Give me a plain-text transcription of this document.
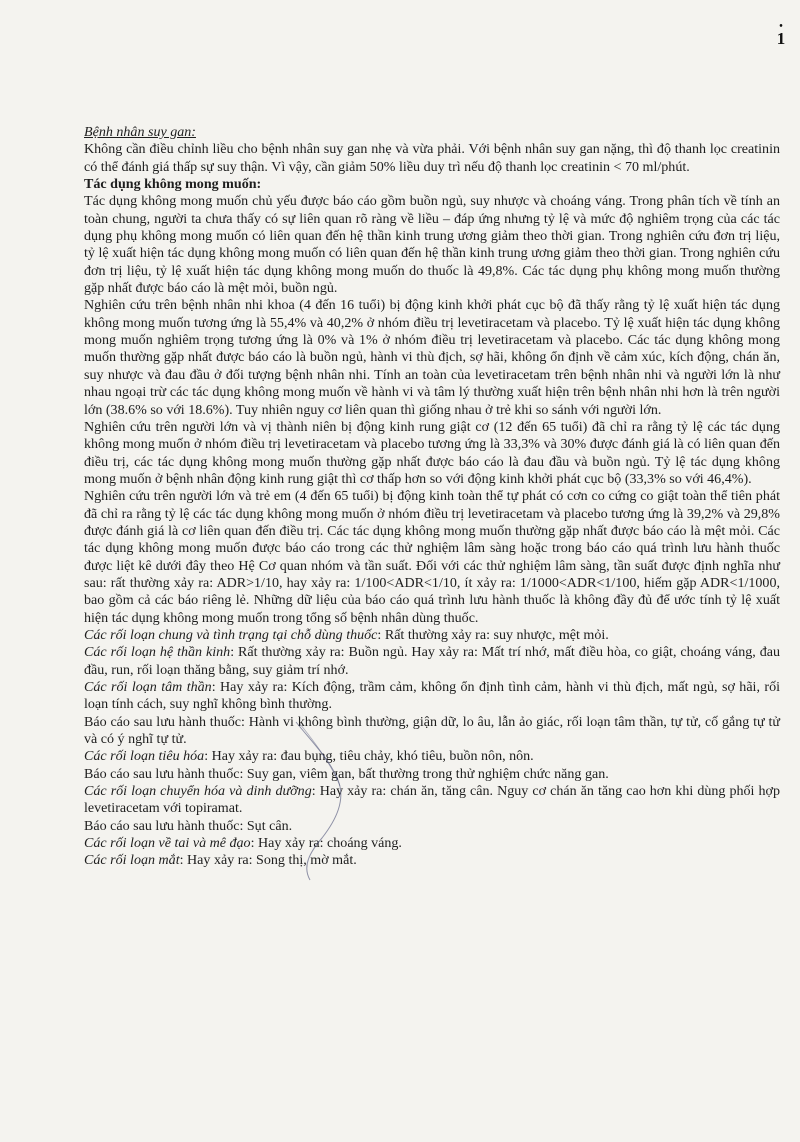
•
1

Bệnh nhân suy gan:

Không cần điều chỉnh liều cho bệnh nhân suy gan nhẹ và vừa phải. Với bệnh nhân suy gan nặng, thì độ thanh lọc creatinin có thể đánh giá thấp sự suy thận. Vì vậy, cần giảm 50% liều duy trì nếu độ thanh lọc creatinin < 70 ml/phút.

Tác dụng không mong muốn:

Tác dụng không mong muốn chủ yếu được báo cáo gồm buồn ngủ, suy nhược và choáng váng. Trong phân tích về tính an toàn chung, người ta chưa thấy có sự liên quan rõ ràng về liều – đáp ứng nhưng tỷ lệ và mức độ nghiêm trọng của các tác dụng phụ không mong muốn có liên quan đến hệ thần kinh trung ương giảm theo thời gian. Trong nghiên cứu đơn trị liệu, tỷ lệ xuất hiện tác dụng không mong muốn có liên quan đến hệ thần kinh trung ương giảm theo thời gian. Trong nghiên cứu đơn trị liệu, tỷ lệ xuất hiện tác dụng không mong muốn do thuốc là 49,8%. Các tác dụng phụ không mong muốn thường gặp nhất được báo cáo là mệt mỏi, buồn ngủ.

Nghiên cứu trên bệnh nhân nhi khoa (4 đến 16 tuổi) bị động kinh khởi phát cục bộ đã thấy rằng tỷ lệ xuất hiện tác dụng không mong muốn tương ứng là 55,4% và 40,2% ở nhóm điều trị levetiracetam và placebo. Tỷ lệ xuất hiện tác dụng không mong muốn nghiêm trọng tương ứng là 0% và 1% ở nhóm điều trị levetiracetam và placebo. Các tác dụng không mong muốn thường gặp nhất được báo cáo là buồn ngủ, hành vi thù địch, sợ hãi, không ổn định về cảm xúc, kích động, chán ăn, suy nhược và đau đầu ở đối tượng bệnh nhân nhi. Tính an toàn của levetiracetam trên bệnh nhân nhi và người lớn là như nhau ngoại trừ các tác dụng không mong muốn về hành vi và tâm lý thường xuất hiện trên bệnh nhân nhi hơn là trên người lớn (38.6% so với 18.6%). Tuy nhiên nguy cơ liên quan thì giống nhau ở trẻ khi so sánh với người lớn.

Nghiên cứu trên người lớn và vị thành niên bị động kinh rung giật cơ (12 đến 65 tuổi) đã chỉ ra rằng tỷ lệ các tác dụng không mong muốn ở nhóm điều trị levetiracetam và placebo tương ứng là 33,3% và 30% được đánh giá là có liên quan đến điều trị, các tác dụng không mong muốn thường gặp nhất được báo cáo là đau đầu và buồn ngủ. Tỷ lệ tác dụng không mong muốn ở bệnh nhân động kinh rung giật thì cơ thấp hơn so với động kinh khởi phát cục bộ (33,3% so với 46,4%).

Nghiên cứu trên người lớn và trẻ em (4 đến 65 tuổi) bị động kinh toàn thể tự phát có cơn co cứng co giật toàn thể tiên phát đã chỉ ra rằng tỷ lệ các tác dụng không mong muốn ở nhóm điều trị levetiracetam và placebo tương ứng là 39,2% và 29,8% được đánh giá là cơ liên quan đến điều trị. Các tác dụng không mong muốn thường gặp nhất được báo cáo là mệt mỏi. Các tác dụng không mong muốn được báo cáo trong các thử nghiệm lâm sàng hoặc trong báo cáo quá trình lưu hành thuốc được liệt kê dưới đây theo Hệ Cơ quan nhóm và tần suất. Đối với các thử nghiệm lâm sàng, tần suất được định nghĩa như sau: rất thường xảy ra: ADR>1/10, hay xảy ra: 1/100<ADR<1/10, ít xảy ra: 1/1000<ADR<1/100, hiếm gặp ADR<1/1000, bao gồm cả các báo riêng lẻ. Những dữ liệu của báo cáo quá trình lưu hành thuốc là không đầy đủ để ước tính tỷ lệ xuất hiện tác dụng không mong muốn trong tổng số bệnh nhân dùng thuốc.

Các rối loạn chung và tình trạng tại chỗ dùng thuốc: Rất thường xảy ra: suy nhược, mệt mỏi.

Các rối loạn hệ thần kinh: Rất thường xảy ra: Buồn ngủ. Hay xảy ra: Mất trí nhớ, mất điều hòa, co giật, choáng váng, đau đầu, run, rối loạn thăng bằng, suy giảm trí nhớ.

Các rối loạn tâm thần: Hay xảy ra: Kích động, trầm cảm, không ổn định tình cảm, hành vi thù địch, mất ngủ, sợ hãi, rối loạn tính cách, suy nghĩ không bình thường.

Báo cáo sau lưu hành thuốc: Hành vi không bình thường, giận dữ, lo âu, lẫn ảo giác, rối loạn tâm thần, tự tử, cố gắng tự tử và có ý nghĩ tự tử.

Các rối loạn tiêu hóa: Hay xảy ra: đau bụng, tiêu chảy, khó tiêu, buồn nôn, nôn.

Báo cáo sau lưu hành thuốc: Suy gan, viêm gan, bất thường trong thử nghiệm chức năng gan.

Các rối loạn chuyển hóa và dinh dưỡng: Hay xảy ra: chán ăn, tăng cân. Nguy cơ chán ăn tăng cao hơn khi dùng phối hợp levetiracetam với topiramat.

Báo cáo sau lưu hành thuốc: Sụt cân.

Các rối loạn về tai và mê đạo: Hay xảy ra: choáng váng.

Các rối loạn mắt: Hay xảy ra: Song thị, mờ mắt.
